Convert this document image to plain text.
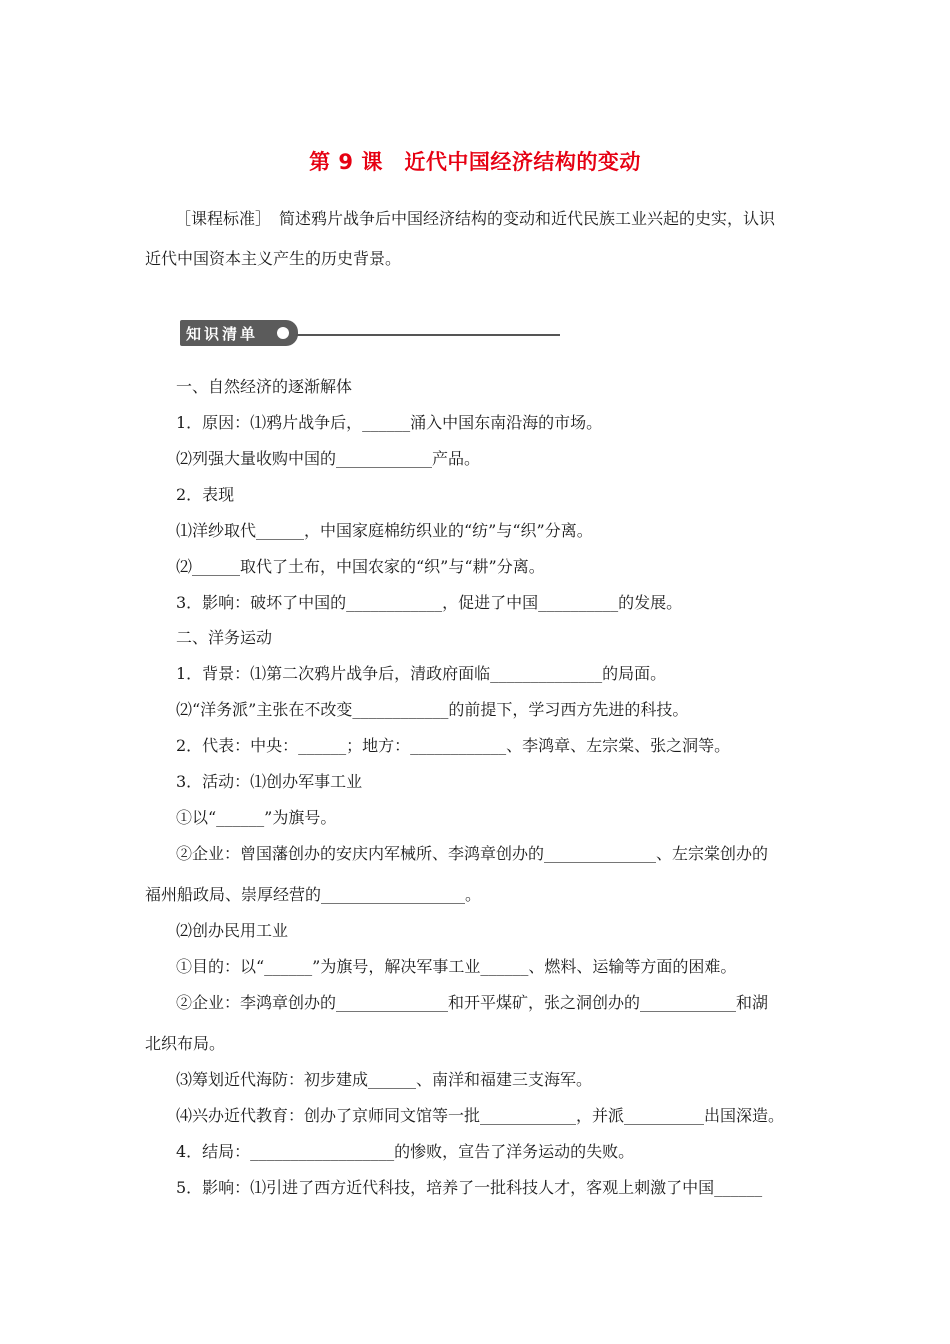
第 9 课　近代中国经济结构的变动
［课程标准］　简述鸦片战争后中国经济结构的变动和近代民族工业兴起的史实，认识
近代中国资本主义产生的历史背景。
知识清单
一、自然经济的逐渐解体
1．原因：⑴鸦片战争后，______涌入中国东南沿海的市场。
⑵列强大量收购中国的____________产品。
2．表现
⑴洋纱取代______，中国家庭棉纺织业的“纺”与“织”分离。
⑵______取代了土布，中国农家的“织”与“耕”分离。
3．影响：破坏了中国的____________，促进了中国__________的发展。
二、洋务运动
1．背景：⑴第二次鸦片战争后，清政府面临______________的局面。
⑵“洋务派”主张在不改变____________的前提下，学习西方先进的科技。
2．代表：中央：______；地方：____________、李鸿章、左宗棠、张之洞等。
3．活动：⑴创办军事工业
①以“______”为旗号。
②企业：曾国藩创办的安庆内军械所、李鸿章创办的______________、左宗棠创办的
福州船政局、崇厚经营的__________________。
⑵创办民用工业
①目的：以“______”为旗号，解决军事工业______、燃料、运输等方面的困难。
②企业：李鸿章创办的______________和开平煤矿，张之洞创办的____________和湖
北织布局。
⑶筹划近代海防：初步建成______、南洋和福建三支海军。
⑷兴办近代教育：创办了京师同文馆等一批____________，并派__________出国深造。
4．结局：__________________的惨败，宣告了洋务运动的失败。
5．影响：⑴引进了西方近代科技，培养了一批科技人才，客观上刺激了中国______
